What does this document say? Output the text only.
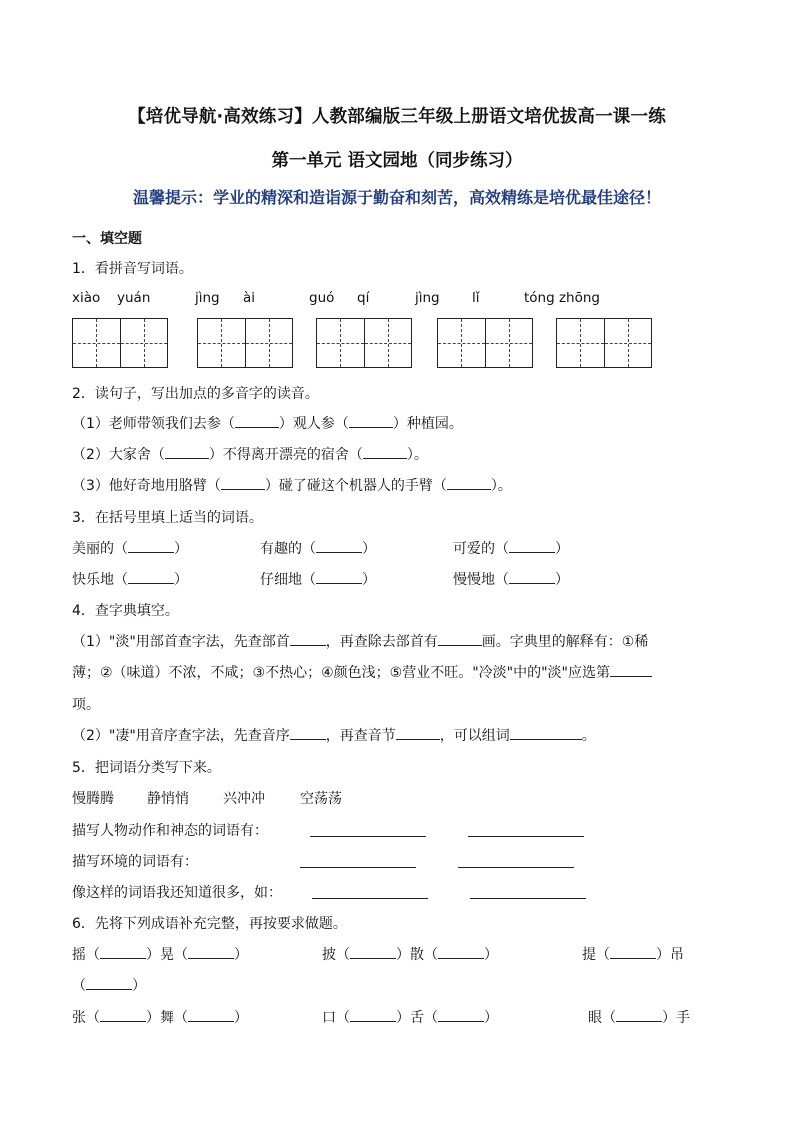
【培优导航·高效练习】人教部编版三年级上册语文培优拔高一课一练
第一单元 语文园地（同步练习）
温馨提示：学业的精深和造诣源于勤奋和刻苦，高效精练是培优最佳途径！
一、填空题
1．看拼音写词语。
xiào yuán	jìng ài	guó qí	jìng lǐ	tóng zhōng
2．读句子，写出加点的多音字的读音。
（1）老师带领我们去参（	）观人参（	）种植园。
（2）大家舍（	）不得离开漂亮的宿舍（	）。
（3）他好奇地用胳臂（	）碰了碰这个机器人的手臂（	）。
3．在括号里填上适当的词语。
美丽的（	）	有趣的（	）	可爱的（	）
快乐地（	）	仔细地（	）	慢慢地（	）
4．查字典填空。
（1）"淡"用部首查字法，先查部首	，再查除去部首有	画。字典里的解释有：①稀
薄；②（味道）不浓，不咸；③不热心；④颜色浅；⑤营业不旺。"冷淡"中的"淡"应选第
项。
（2）"凄"用音序查字法，先查音序	，再查音节	，可以组词	。
5．把词语分类写下来。
慢腾腾 静悄悄 兴冲冲	空荡荡
描写人物动作和神态的词语有：
描写环境的词语有：
像这样的词语我还知道很多，如：
6．先将下列成语补充完整，再按要求做题。
摇（	）晃（	）	披（	）散（	）	提（	）吊
（	）
张（	）舞（	）	口（	）舌（	）	眼（	）手
